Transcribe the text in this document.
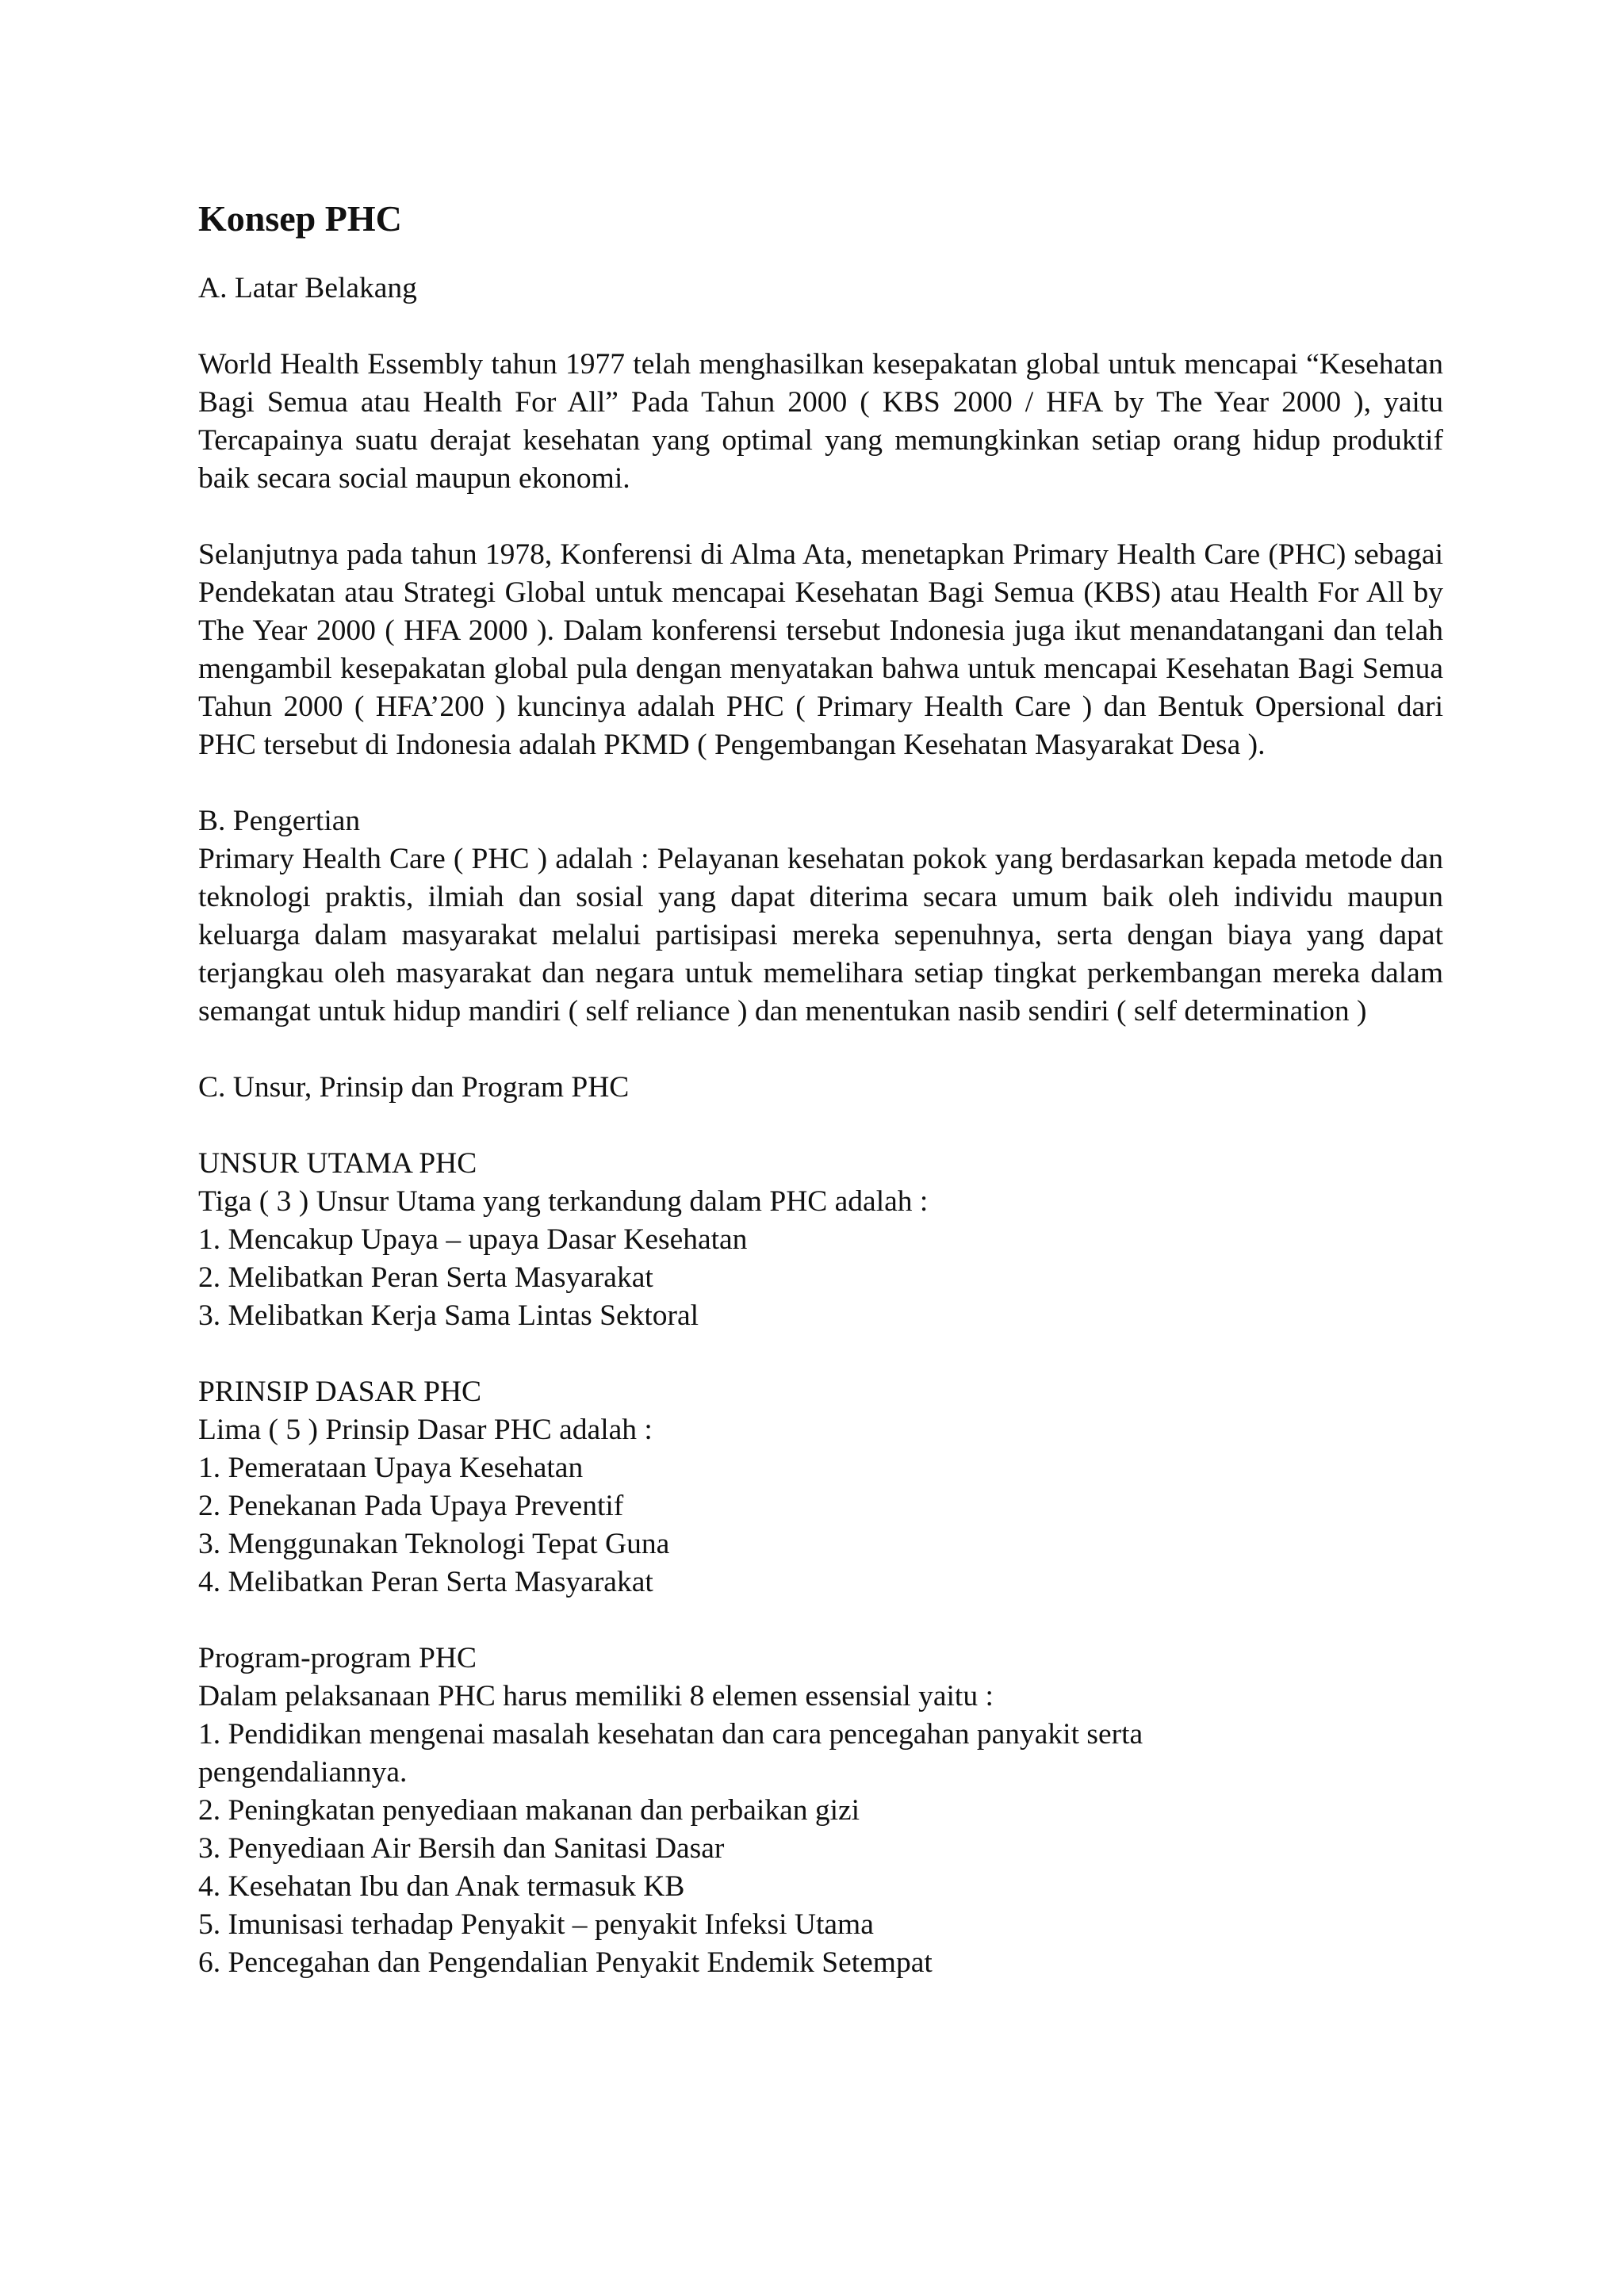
Konsep PHC

A. Latar Belakang

World Health Essembly tahun 1977 telah menghasilkan kesepakatan global untuk mencapai “Kesehatan Bagi Semua atau Health For All” Pada Tahun 2000 ( KBS 2000 / HFA by The Year 2000 ), yaitu Tercapainya suatu derajat kesehatan yang optimal yang memungkinkan setiap orang hidup produktif baik secara social maupun ekonomi.

Selanjutnya pada tahun 1978, Konferensi di Alma Ata, menetapkan Primary Health Care (PHC) sebagai Pendekatan atau Strategi Global untuk mencapai Kesehatan Bagi Semua (KBS) atau Health For All by The Year 2000 ( HFA 2000 ). Dalam konferensi tersebut Indonesia juga ikut menandatangani dan telah mengambil kesepakatan global pula dengan menyatakan bahwa untuk mencapai Kesehatan Bagi Semua Tahun 2000 ( HFA’200 ) kuncinya adalah PHC ( Primary Health Care ) dan Bentuk Opersional dari PHC tersebut di Indonesia adalah PKMD ( Pengembangan Kesehatan Masyarakat Desa ).

B. Pengertian

Primary Health Care ( PHC ) adalah : Pelayanan kesehatan pokok yang berdasarkan kepada metode dan teknologi praktis, ilmiah dan sosial yang dapat diterima secara umum baik oleh individu maupun keluarga dalam masyarakat melalui partisipasi mereka sepenuhnya, serta dengan biaya yang dapat terjangkau oleh masyarakat dan negara untuk memelihara setiap tingkat perkembangan mereka dalam semangat untuk hidup mandiri ( self reliance ) dan menentukan nasib sendiri ( self determination )

C. Unsur, Prinsip dan Program PHC

UNSUR UTAMA PHC

Tiga ( 3 ) Unsur Utama yang terkandung dalam PHC adalah :

1. Mencakup Upaya – upaya Dasar Kesehatan
2. Melibatkan Peran Serta Masyarakat
3. Melibatkan Kerja Sama Lintas Sektoral

PRINSIP DASAR PHC

Lima ( 5 ) Prinsip Dasar PHC adalah :

1. Pemerataan Upaya Kesehatan
2. Penekanan Pada Upaya Preventif
3. Menggunakan Teknologi Tepat Guna
4. Melibatkan Peran Serta Masyarakat

Program-program PHC

Dalam pelaksanaan PHC harus memiliki 8 elemen essensial yaitu :

1. Pendidikan mengenai masalah kesehatan dan cara pencegahan panyakit serta
pengendaliannya.
2. Peningkatan penyediaan makanan dan perbaikan gizi
3. Penyediaan Air Bersih dan Sanitasi Dasar
4. Kesehatan Ibu dan Anak termasuk KB
5. Imunisasi terhadap Penyakit – penyakit Infeksi Utama
6. Pencegahan dan Pengendalian Penyakit Endemik Setempat
